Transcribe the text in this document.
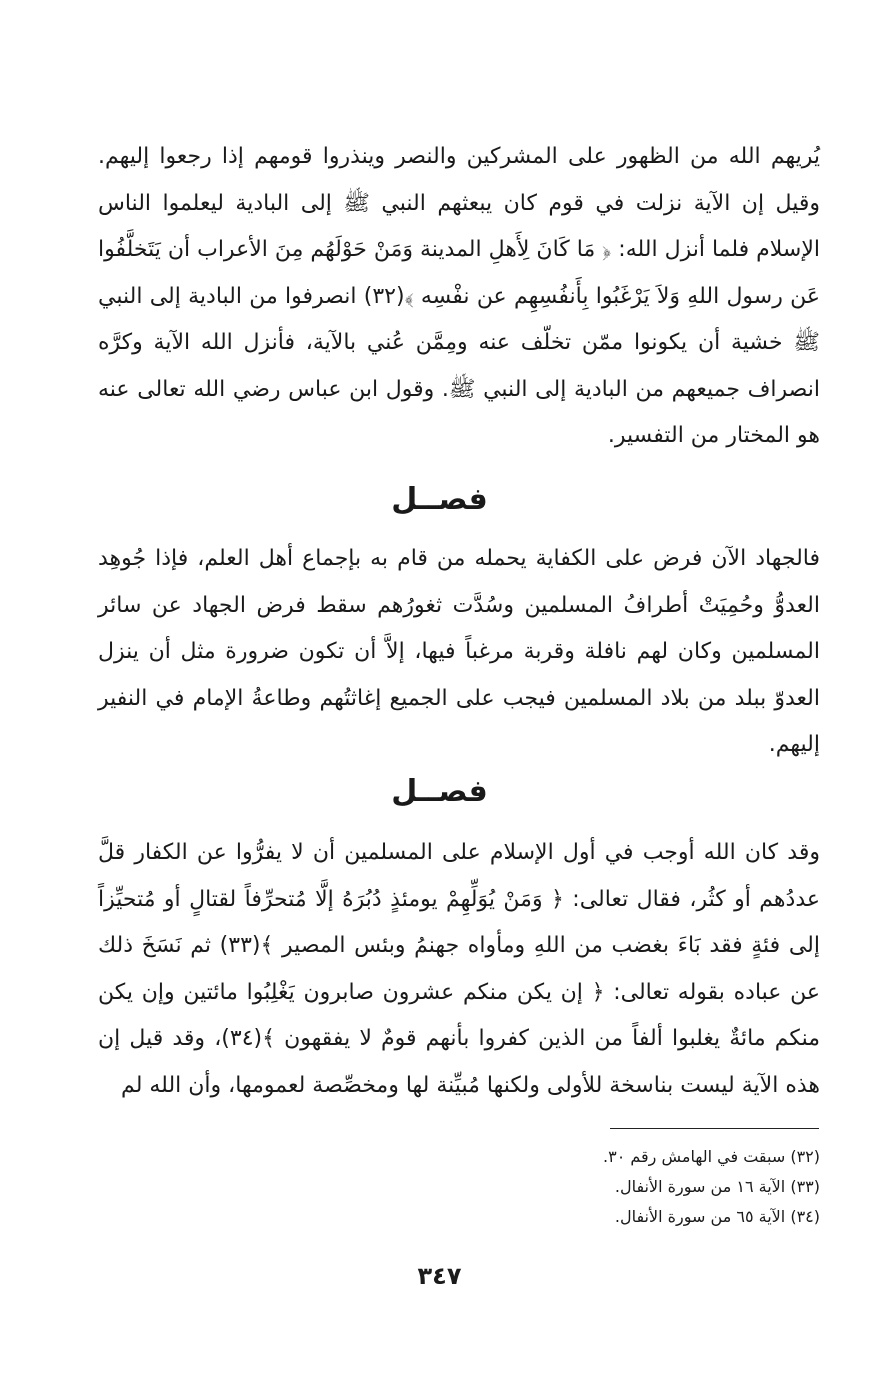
يُريهم الله من الظهور على المشركين والنصر وينذروا قومهم إذا رجعوا إليهم. وقيل إن الآية نزلت في قوم كان يبعثهم النبي ﷺ إلى البادية ليعلموا الناس الإسلام فلما أنزل الله: ﴿ مَا كَانَ لِأَهلِ المدينة وَمَنْ حَوْلَهُم مِنَ الأعراب أن يَتَخلَّفُوا عَن رسول اللهِ وَلاَ يَرْغَبُوا بِأَنفُسِهِم عن نفْسِه ﴾(٣٢) انصرفوا من البادية إلى النبي ﷺ خشية أن يكونوا ممّن تخلّف عنه ومِمَّن عُني بالآية، فأنزل الله الآية وكرَّه انصراف جميعهم من البادية إلى النبي ﷺ. وقول ابن عباس رضي الله تعالى عنه هو المختار من التفسير.

فصــل

فالجهاد الآن فرض على الكفاية يحمله من قام به بإجماع أهل العلم، فإذا جُوهِد العدوُّ وحُمِيَتْ أطرافُ المسلمين وسُدَّت ثغورُهم سقط فرض الجهاد عن سائر المسلمين وكان لهم نافلة وقربة مرغباً فيها، إلاَّ أن تكون ضرورة مثل أن ينزل العدوّ ببلد من بلاد المسلمين فيجب على الجميع إغاثتُهم وطاعةُ الإمام في النفير إليهم.

فصــل

وقد كان الله أوجب في أول الإسلام على المسلمين أن لا يفرُّوا عن الكفار قلَّ عددُهم أو كثُر، فقال تعالى: ﴿ وَمَنْ يُوَلِّهِمْ يومئذٍ دُبُرَهُ إلَّا مُتحرِّفاً لقتالٍ أو مُتحيِّزاً إلى فئةٍ فقد بَاءَ بغضب من اللهِ ومأواه جهنمُ وبئس المصير ﴾(٣٣) ثم نَسَخَ ذلك عن عباده بقوله تعالى: ﴿ إن يكن منكم عشرون صابرون يَغْلِبُوا مائتين وإن يكن منكم مائةٌ يغلبوا ألفاً من الذين كفروا بأنهم قومٌ لا يفقهون ﴾(٣٤)، وقد قيل إن هذه الآية ليست بناسخة للأولى ولكنها مُبيِّنة لها ومخصِّصة لعمومها، وأن الله لم

(٣٢) سبقت في الهامش رقم ٣٠.
(٣٣) الآية ١٦ من سورة الأنفال.
(٣٤) الآية ٦٥ من سورة الأنفال.
٣٤٧
